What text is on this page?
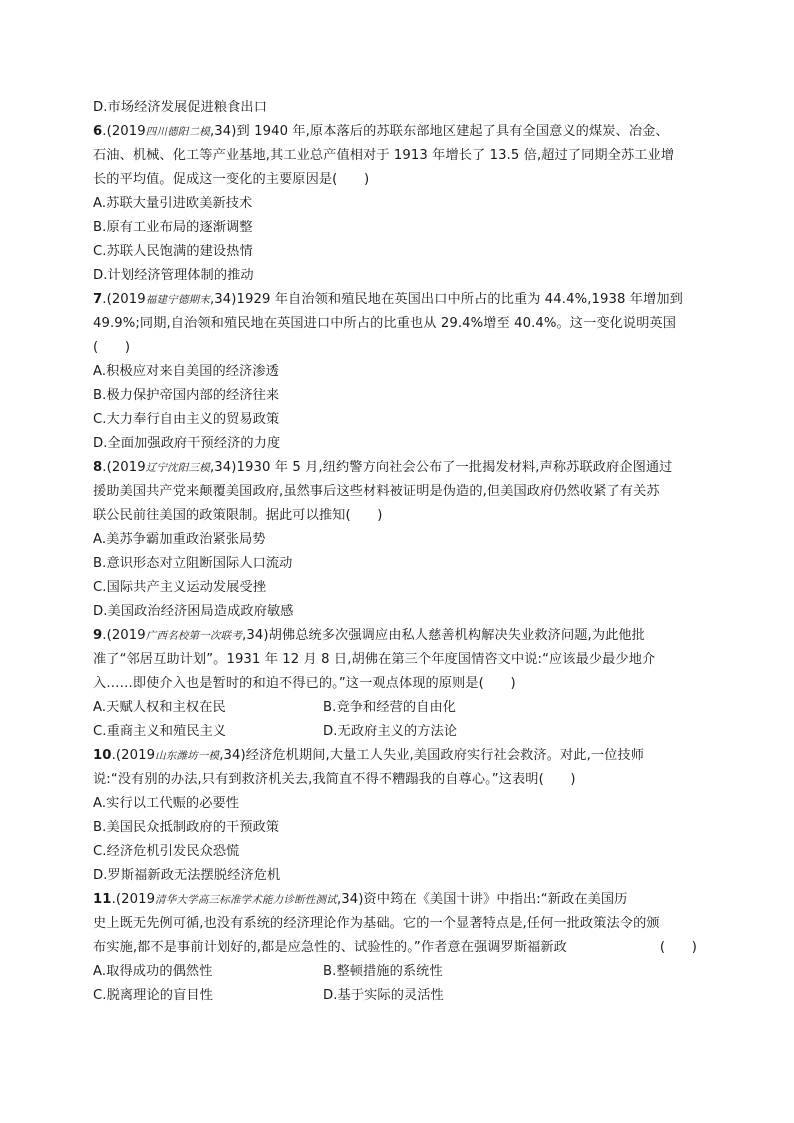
D.市场经济发展促进粮食出口
6.(2019四川德阳二模,34)到 1940 年,原本落后的苏联东部地区建起了具有全国意义的煤炭、冶金、
石油、机械、化工等产业基地,其工业总产值相对于 1913 年增长了 13.5 倍,超过了同期全苏工业增
长的平均值。促成这一变化的主要原因是(　　)
A.苏联大量引进欧美新技术
B.原有工业布局的逐渐调整
C.苏联人民饱满的建设热情
D.计划经济管理体制的推动
7.(2019福建宁德期末,34)1929 年自治领和殖民地在英国出口中所占的比重为 44.4%,1938 年增加到
49.9%;同期,自治领和殖民地在英国进口中所占的比重也从 29.4%增至 40.4%。这一变化说明英国
(　　)
A.积极应对来自美国的经济渗透
B.极力保护帝国内部的经济往来
C.大力奉行自由主义的贸易政策
D.全面加强政府干预经济的力度
8.(2019辽宁沈阳三模,34)1930 年 5 月,纽约警方向社会公布了一批揭发材料,声称苏联政府企图通过
援助美国共产党来颠覆美国政府,虽然事后这些材料被证明是伪造的,但美国政府仍然收紧了有关苏
联公民前往美国的政策限制。据此可以推知(　　)
A.美苏争霸加重政治紧张局势
B.意识形态对立阻断国际人口流动
C.国际共产主义运动发展受挫
D.美国政治经济困局造成政府敏感
9.(2019广西名校第一次联考,34)胡佛总统多次强调应由私人慈善机构解决失业救济问题,为此他批
准了“邻居互助计划”。1931 年 12 月 8 日,胡佛在第三个年度国情咨文中说:“应该最少最少地介
入……即使介入也是暂时的和迫不得已的。”这一观点体现的原则是(　　)
A.天赋人权和主权在民	B.竞争和经营的自由化
C.重商主义和殖民主义	D.无政府主义的方法论
10.(2019山东潍坊一模,34)经济危机期间,大量工人失业,美国政府实行社会救济。对此,一位技师
说:“没有别的办法,只有到救济机关去,我简直不得不糟蹋我的自尊心。”这表明(　　)
A.实行以工代赈的必要性
B.美国民众抵制政府的干预政策
C.经济危机引发民众恐慌
D.罗斯福新政无法摆脱经济危机
11.(2019清华大学高三标准学术能力诊断性测试,34)资中筠在《美国十讲》中指出:“新政在美国历
史上既无先例可循,也没有系统的经济理论作为基础。它的一个显著特点是,任何一批政策法令的颁
布实施,都不是事前计划好的,都是应急性的、试验性的。”作者意在强调罗斯福新政	(　　)
A.取得成功的偶然性	B.整顿措施的系统性
C.脱离理论的盲目性	D.基于实际的灵活性
